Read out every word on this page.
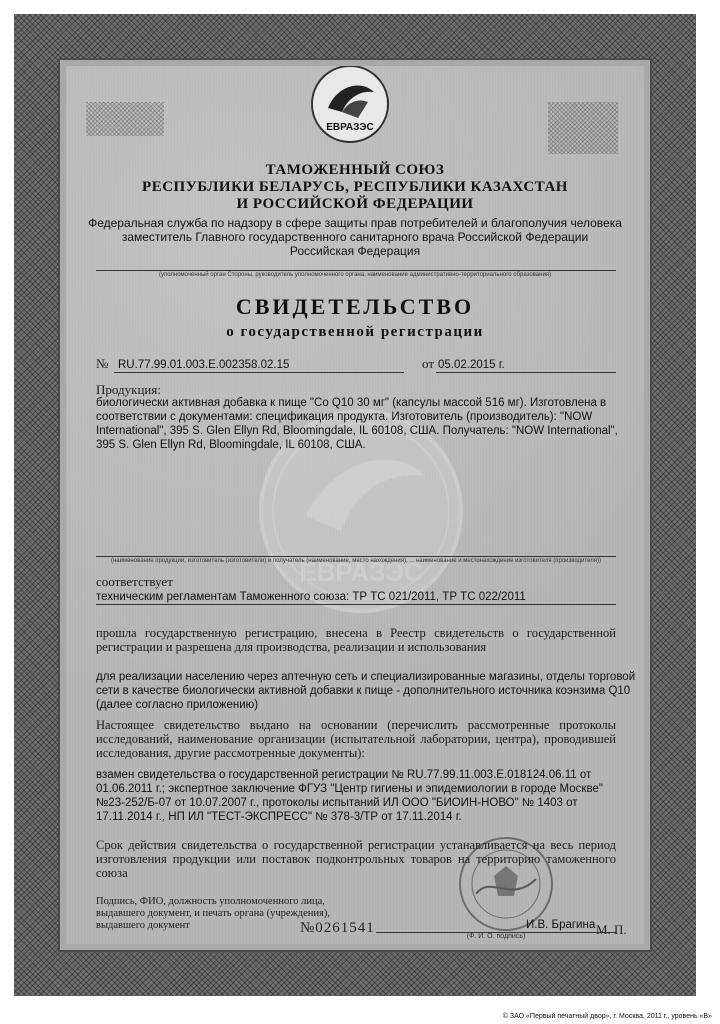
ЕВРАЗЭС
ЕВРАЗЭС
ТАМОЖЕННЫЙ СОЮЗ
РЕСПУБЛИКИ БЕЛАРУСЬ, РЕСПУБЛИКИ КАЗАХСТАН
И РОССИЙСКОЙ ФЕДЕРАЦИИ
Федеральная служба по надзору в сфере защиты прав потребителей и благополучия человека
заместитель Главного государственного санитарного врача Российской Федерации
Российская Федерация
(уполномоченный орган Стороны, руководитель уполномоченного органа, наименование административно-территориального образования)
СВИДЕТЕЛЬСТВО
о государственной регистрации
№ RU.77.99.01.003.E.002358.02.15	от 05.02.2015 г.
Продукция:
биологически активная добавка к пище "Co Q10 30 мг" (капсулы массой 516 мг). Изготовлена в
соответствии с документами: спецификация продукта. Изготовитель (производитель): "NOW
International", 395 S. Glen Ellyn Rd, Bloomingdale, IL 60108, США. Получатель: "NOW International",
395 S. Glen Ellyn Rd, Bloomingdale, IL 60108, США.
(наименование продукции, изготовитель (изготовители) и получатель (наименование, место нахождения), ... наименование и местонахождение изготовителя (производителя))
соответствует
техническим регламентам Таможенного союза: ТР ТС 021/2011, ТР ТС 022/2011
прошла государственную регистрацию, внесена в Реестр свидетельств о государственной регистрации и разрешена для производства, реализации и использования
для реализации населению через аптечную сеть и специализированные магазины, отделы торговой
сети в качестве биологически активной добавки к пище - дополнительного источника коэнзима Q10
(далее согласно приложению)
Настоящее свидетельство выдано на основании (перечислить рассмотренные протоколы исследований, наименование организации (испытательной лаборатории, центра), проводившей исследования, другие рассмотренные документы):
взамен свидетельства о государственной регистрации № RU.77.99.11.003.E.018124.06.11 от
01.06.2011 г.; экспертное заключение ФГУЗ "Центр гигиены и эпидемиологии в городе Москве"
№23-252/Б-07 от 10.07.2007 г., протоколы испытаний ИЛ ООО "БИОИН-НОВО" № 1403 от
17.11.2014 г., НП ИЛ "ТЕСТ-ЭКСПРЕСС" № 378-3/ТР от 17.11.2014 г.
Срок действия свидетельства о государственной регистрации устанавливается на весь период изготовления продукции или поставок подконтрольных товаров на территорию таможенного союза
Подпись, ФИО, должность уполномоченного лица,
выдавшего документ, и печать органа (учреждения),
выдавшего документ	И.В. Брагина
(Ф. И. О. подпись)
№0261541	М. П.
© ЗАО «Первый печатный двор», г. Москва, 2011 г., уровень «В»
